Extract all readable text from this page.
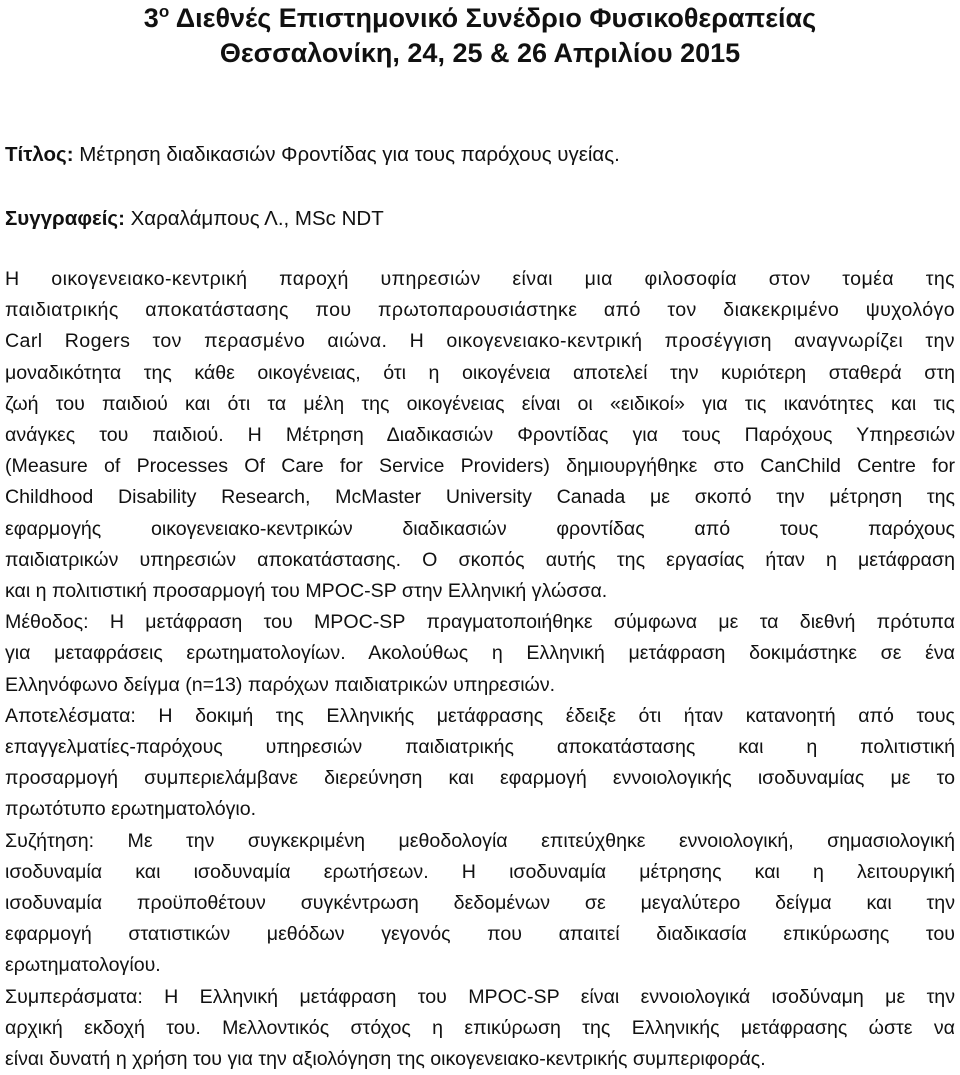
$3^o$ Διεθνές Επιστημονικό Συνέδριο Φυσικοθεραπείας
Θεσσαλονίκη, 24, 25 & 26 Απριλίου 2015
Τίτλος: Μέτρηση διαδικασιών Φροντίδας για τους παρόχους υγείας.
Συγγραφείς: Χαραλάμπους Λ., MSc NDT
Η οικογενειακο-κεντρική παροχή υπηρεσιών είναι μια φιλοσοφία στον τομέα της
παιδιατρικής αποκατάστασης που πρωτοπαρουσιάστηκε από τον διακεκριμένο ψυχολόγο
Carl Rogers τον περασμένο αιώνα. Η οικογενειακο-κεντρική προσέγγιση αναγνωρίζει την
μοναδικότητα της κάθε οικογένειας, ότι η οικογένεια αποτελεί την κυριότερη σταθερά στη
ζωή του παιδιού και ότι τα μέλη της οικογένειας είναι οι «ειδικοί» για τις ικανότητες και τις
ανάγκες του παιδιού. Η Μέτρηση Διαδικασιών Φροντίδας για τους Παρόχους Υπηρεσιών
(Measure of Processes Of Care for Service Providers) δημιουργήθηκε στο CanChild Centre for
Childhood Disability Research, McMaster University Canada με σκοπό την μέτρηση της
εφαρμογής οικογενειακο-κεντρικών διαδικασιών φροντίδας από τους παρόχους
παιδιατρικών υπηρεσιών αποκατάστασης. Ο σκοπός αυτής της εργασίας ήταν η μετάφραση
και η πολιτιστική προσαρμογή του MPOC-SP στην Ελληνική γλώσσα.
Μέθοδος: Η μετάφραση του MPOC-SP πραγματοποιήθηκε σύμφωνα με τα διεθνή πρότυπα
για μεταφράσεις ερωτηματολογίων. Ακολούθως η Ελληνική μετάφραση δοκιμάστηκε σε ένα
Ελληνόφωνο δείγμα (n=13) παρόχων παιδιατρικών υπηρεσιών.
Αποτελέσματα: Η δοκιμή της Ελληνικής μετάφρασης έδειξε ότι ήταν κατανοητή από τους
επαγγελματίες-παρόχους υπηρεσιών παιδιατρικής αποκατάστασης και η πολιτιστική
προσαρμογή συμπεριελάμβανε διερεύνηση και εφαρμογή εννοιολογικής ισοδυναμίας με το
πρωτότυπο ερωτηματολόγιο.
Συζήτηση: Με την συγκεκριμένη μεθοδολογία επιτεύχθηκε εννοιολογική, σημασιολογική
ισοδυναμία και ισοδυναμία ερωτήσεων. Η ισοδυναμία μέτρησης και η λειτουργική
ισοδυναμία προϋποθέτουν συγκέντρωση δεδομένων σε μεγαλύτερο δείγμα και την
εφαρμογή στατιστικών μεθόδων γεγονός που απαιτεί διαδικασία επικύρωσης του
ερωτηματολογίου.
Συμπεράσματα: Η Ελληνική μετάφραση του MPOC-SP είναι εννοιολογικά ισοδύναμη με την
αρχική εκδοχή του. Μελλοντικός στόχος η επικύρωση της Ελληνικής μετάφρασης ώστε να
είναι δυνατή η χρήση του για την αξιολόγηση της οικογενειακο-κεντρικής συμπεριφοράς.
